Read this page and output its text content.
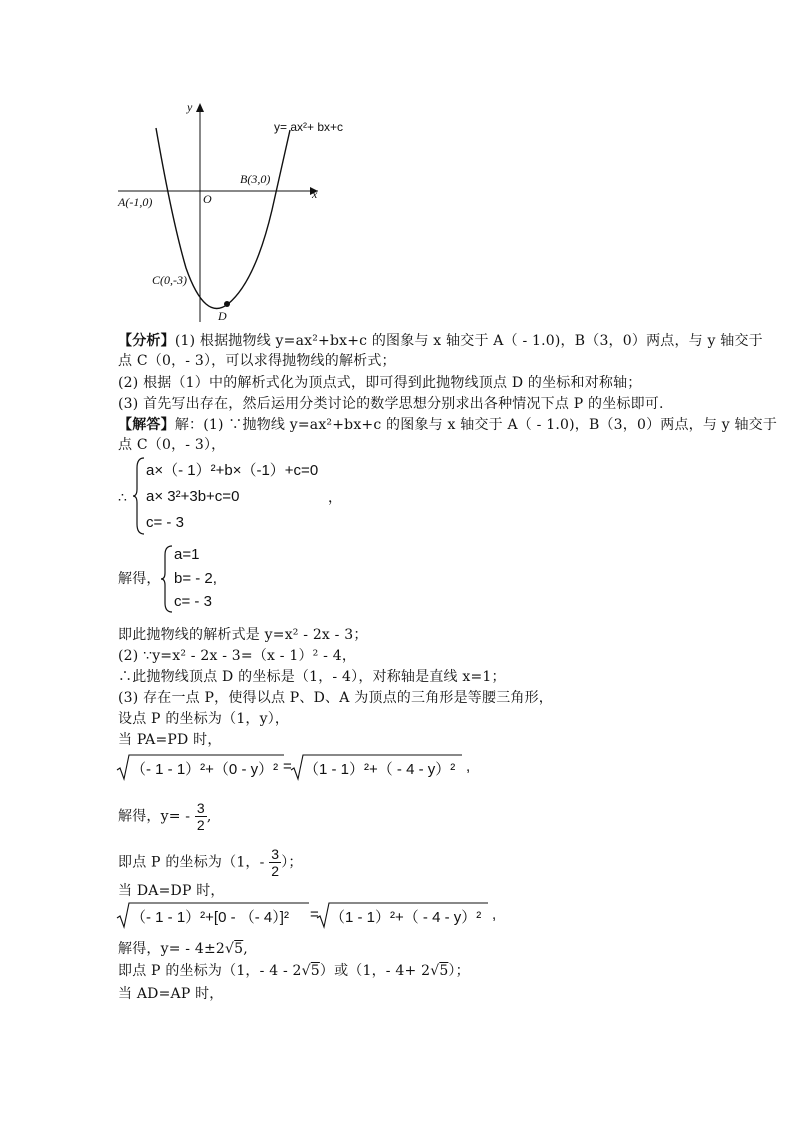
y
x
y= ax²+ bx+c
B(3,0)
A(-1,0)	O
C(0,-3)
D
【分析】(1) 根据抛物线 y=ax²+bx+c 的图象与 x 轴交于 A（ - 1.0)，B（3，0）两点，与 y 轴交于
点 C（0，- 3），可以求得抛物线的解析式；
(2) 根据（1）中的解析式化为顶点式，即可得到此抛物线顶点 D 的坐标和对称轴；
(3) 首先写出存在，然后运用分类讨论的数学思想分别求出各种情况下点 P 的坐标即可.
【解答】解：(1) ∵抛物线 y=ax²+bx+c 的图象与 x 轴交于 A（ - 1.0)，B（3，0）两点，与 y 轴交于
点 C（0，- 3），
∴
a×（- 1）²+b×（-1）+c=0
a× 3²+3b+c=0
c= - 3
，
解得，
a=1
b= - 2,
c= - 3
即此抛物线的解析式是 y=x² - 2x - 3；
(2) ∵y=x² - 2x - 3=（x - 1）² - 4，
∴此抛物线顶点 D 的坐标是（1，- 4），对称轴是直线 x=1；
(3) 存在一点 P，使得以点 P、D、A 为顶点的三角形是等腰三角形，
设点 P 的坐标为（1，y），
当 PA=PD 时，
（- 1 - 1）²+（0 - y）² = （1 - 1）²+（ - 4 - y）² ,
解得，$y= - \frac{3}{2}$ ,
即点 P 的坐标为（1，- $\frac{3}{2}$ ）；
当 DA=DP 时，
（- 1 - 1）²+[0 - （- 4）]² = （1 - 1）²+（ - 4 - y）² ,
解得，y= - 4±2√5,
即点 P 的坐标为（1，- 4 - 2√5）或（1，- 4+ 2√5）；
当 AD=AP 时，
